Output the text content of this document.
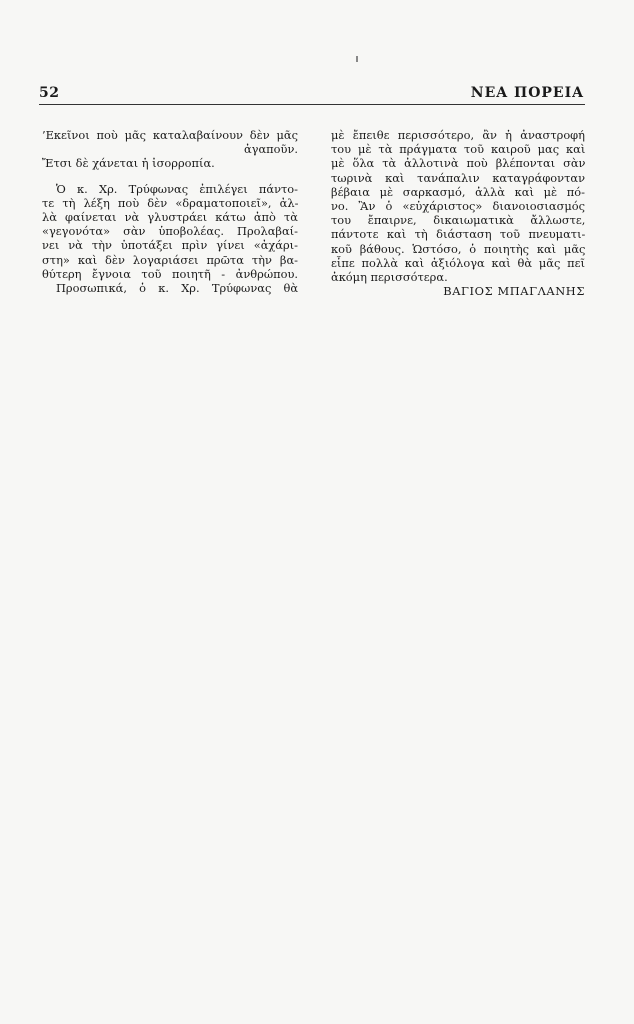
52	ΝΕΑ ΠΟΡΕΙΑ
’Εκεῖνοι ποὺ μᾶς καταλαβαίνουν δὲν μᾶς
ἀγαποῦν.
Ἔτσι δὲ χάνεται ἡ ἰσορροπία.
Ὁ κ. Χρ. Τρύφωνας ἐπιλέγει πάντο-
τε τὴ λέξη ποὺ δὲν «δραματοποιεῖ», ἀλ-
λὰ φαίνεται νὰ γλυστράει κάτω ἀπὸ τὰ
«γεγονότα» σὰν ὑποβολέας. Προλαβαί-
νει νὰ τὴν ὑποτάξει πρὶν γίνει «ἀχάρι-
στη» καὶ δὲν λογαριάσει πρῶτα τὴν βα-
θύτερη ἔγνοια τοῦ ποιητῆ - ἀνθρώπου.
Προσωπικά, ὁ κ. Χρ. Τρύφωνας θὰ
μὲ ἔπειθε περισσότερο, ἂν ἡ ἀναστροφή
του μὲ τὰ πράγματα τοῦ καιροῦ μας καὶ
μὲ ὅλα τὰ ἀλλοτινὰ ποὺ βλέπονται σὰν
τωρινὰ καὶ τανάπαλιν καταγράφονταν
βέβαια μὲ σαρκασμό, ἀλλὰ καὶ μὲ πό-
νο. Ἂν ὁ «εὐχάριστος» διανοιοσιασμός
του ἔπαιρνε, δικαιωματικὰ ἄλλωστε,
πάντοτε καὶ τὴ διάσταση τοῦ πνευματι-
κοῦ βάθους. Ὡστόσο, ὁ ποιητὴς καὶ μᾶς
εἶπε πολλὰ καὶ ἀξιόλογα καὶ θὰ μᾶς πεῖ
ἀκόμη περισσότερα.
ΒΑΓΙΟΣ ΜΠΑΓΛΑΝΗΣ
